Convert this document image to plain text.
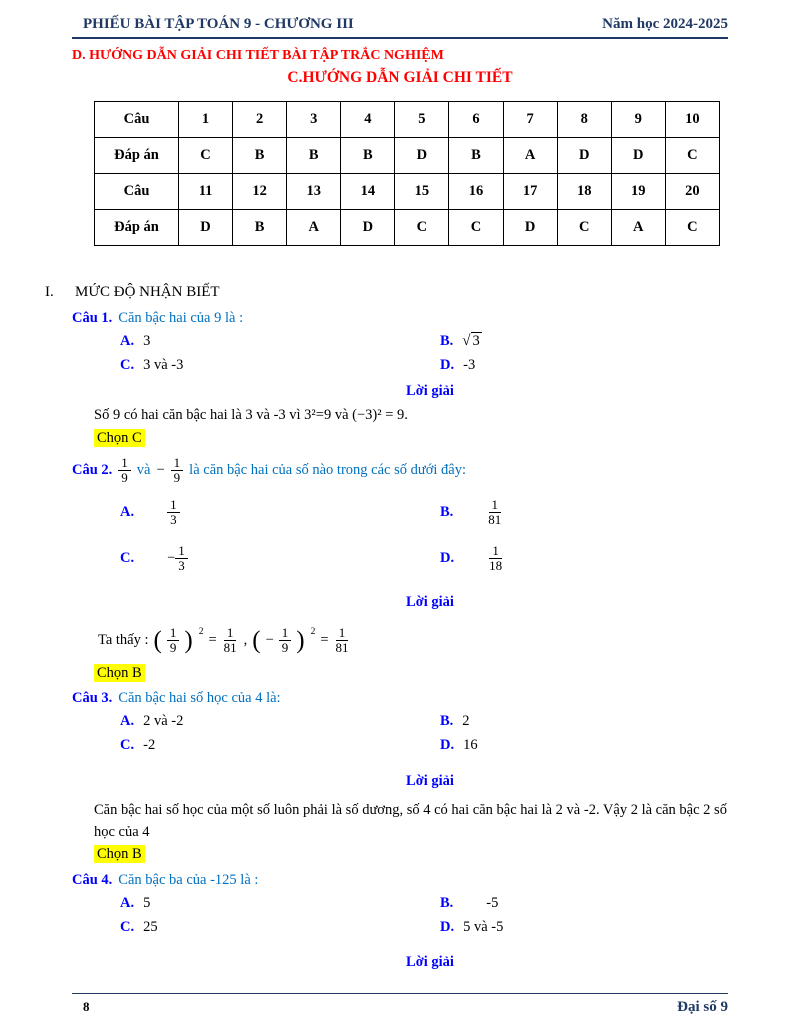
PHIẾU BÀI TẬP TOÁN 9 - CHƯƠNG III	Năm học 2024-2025
D. HƯỚNG DẪN GIẢI CHI TIẾT BÀI TẬP TRẮC NGHIỆM
C.HƯỚNG DẪN GIẢI CHI TIẾT
Câu	1	2	3	4	5	6	7	8	9	10
Đáp án	C	B	B	B	D	B	A	D	D	C
Câu	11	12	13	14	15	16	17	18	19	20
Đáp án	D	B	A	D	C	C	D	C	A	C
I.	MỨC ĐỘ NHẬN BIẾT
Câu 1. Căn bậc hai của 9 là :
A. 3	B. √ 3
C. 3 và -3	D. -3
Lời giải
Số 9 có hai căn bậc hai là 3 và -3 vì 3²=9 và (−3)² = 9.
Chọn C
Câu 2. $\frac{1}{9}$ và − $\frac{1}{9}$ là căn bậc hai của số nào trong các số dưới đây:
A.	$\frac{1}{3}$	B.	$\frac{1}{81}$
C. − $\frac{1}{3}$	D.	$\frac{1}{18}$
Lời giải
Ta thấy : ( $\frac{1}{9}$ ) 2
= $\frac{1}{81}$ , ( − $\frac{1}{9}$ ) 2
= $\frac{1}{81}$
Chọn B
Câu 3. Căn bậc hai số học của 4 là:
A. 2 và -2	B. 2
C. -2	D. 16
Lời giải
Căn bậc hai số học của một số luôn phải là số dương, số 4 có hai căn bậc hai là 2 và -2. Vậy 2 là căn bậc 2 số học của 4
Chọn B
Câu 4. Căn bậc ba của -125 là :
A. 5	B. -5
C. 25	D. 5 và -5
Lời giải
8	Đại số 9
